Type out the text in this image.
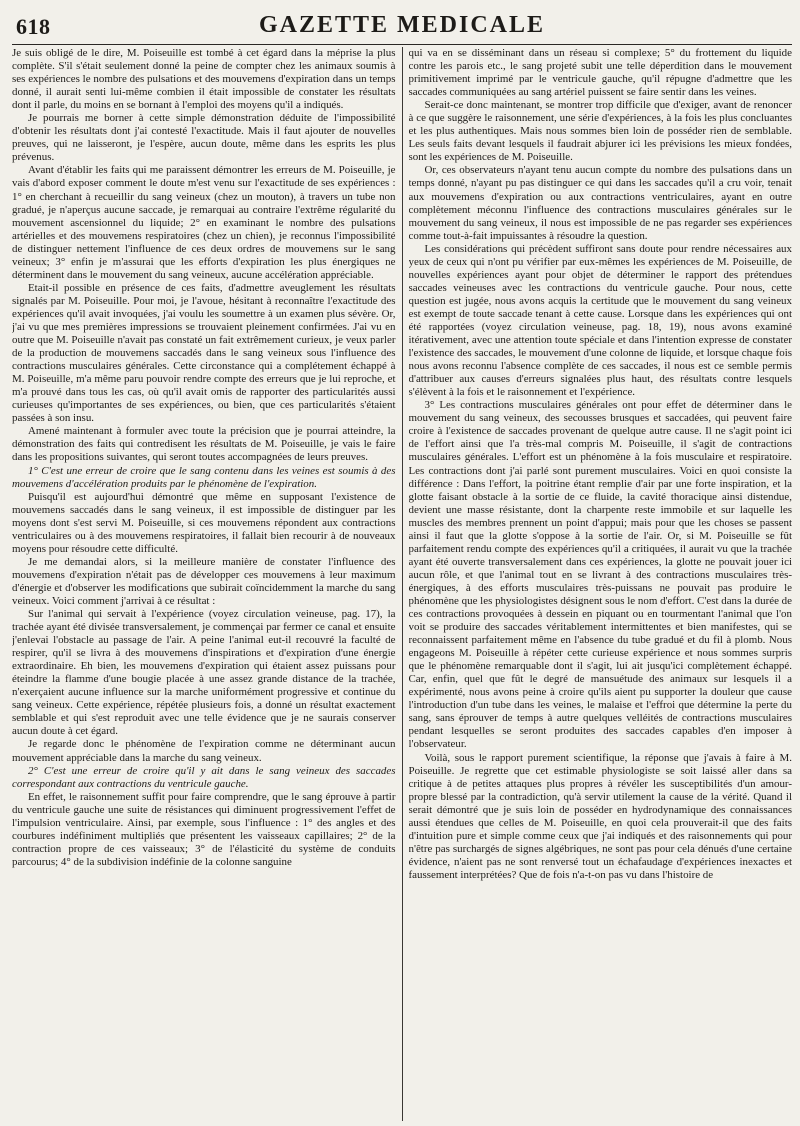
618	GAZETTE MEDICALE

Je suis obligé de le dire, M. Poiseuille est tombé à cet égard dans la méprise la plus complète. S'il s'était seulement donné la peine de compter chez les animaux soumis à ses expériences le nombre des pulsations et des mouvemens d'expiration dans un temps donné, il aurait senti lui-même combien il était impossible de constater les résultats dont il parle, du moins en se bornant à l'emploi des moyens qu'il a indiqués.

Je pourrais me borner à cette simple démonstration déduite de l'impossibilité d'obtenir les résultats dont j'ai contesté l'exactitude. Mais il faut ajouter de nouvelles preuves, qui ne laisseront, je l'espère, aucun doute, même dans les esprits les plus prévenus.

Avant d'établir les faits qui me paraissent démontrer les erreurs de M. Poiseuille, je vais d'abord exposer comment le doute m'est venu sur l'exactitude de ses expériences : 1° en cherchant à recueillir du sang veineux (chez un mouton), à travers un tube non gradué, je n'aperçus aucune saccade, je remarquai au contraire l'extrême régularité du mouvement ascensionnel du liquide; 2° en examinant le nombre des pulsations artérielles et des mouvemens respiratoires (chez un chien), je reconnus l'impossibilité de distinguer nettement l'influence de ces deux ordres de mouvemens sur le sang veineux; 3° enfin je m'assurai que les efforts d'expiration les plus énergiques ne déterminent dans le mouvement du sang veineux, aucune accélération appréciable.

Etait-il possible en présence de ces faits, d'admettre aveuglement les résultats signalés par M. Poiseuille. Pour moi, je l'avoue, hésitant à reconnaître l'exactitude des expériences qu'il avait invoquées, j'ai voulu les soumettre à un examen plus sévère. Or, j'ai vu que mes premières impressions se trouvaient pleinement confirmées. J'ai vu en outre que M. Poiseuille n'avait pas constaté un fait extrêmement curieux, je veux parler de la production de mouvemens saccadés dans le sang veineux sous l'influence des contractions musculaires générales. Cette circonstance qui a complétement échappé à M. Poiseuille, m'a même paru pouvoir rendre compte des erreurs que je lui reproche, et m'a prouvé dans tous les cas, où qu'il avait omis de rapporter des particularités aussi curieuses qu'importantes de ses expériences, ou bien, que ces particularités s'étaient passées à son insu.

Amené maintenant à formuler avec toute la précision que je pourrai atteindre, la démonstration des faits qui contredisent les résultats de M. Poiseuille, je vais le faire dans les propositions suivantes, qui seront toutes accompagnées de leurs preuves.

1° C'est une erreur de croire que le sang contenu dans les veines est soumis à des mouvemens d'accélération produits par le phénomène de l'expiration.

Puisqu'il est aujourd'hui démontré que même en supposant l'existence de mouvemens saccadés dans le sang veineux, il est impossible de distinguer par les moyens dont s'est servi M. Poiseuille, si ces mouvemens répondent aux contractions ventriculaires ou à des mouvemens respiratoires, il fallait bien recourir à de nouveaux moyens pour résoudre cette difficulté.

Je me demandai alors, si la meilleure manière de constater l'influence des mouvemens d'expiration n'était pas de développer ces mouvemens à leur maximum d'énergie et d'observer les modifications que subirait coïncidemment la marche du sang veineux. Voici comment j'arrivai à ce résultat :

Sur l'animal qui servait à l'expérience (voyez circulation veineuse, pag. 17), la trachée ayant été divisée transversalement, je commençai par fermer ce canal et ensuite j'enlevai l'obstacle au passage de l'air. A peine l'animal eut-il recouvré la faculté de respirer, qu'il se livra à des mouvemens d'inspirations et d'expiration d'une énergie extraordinaire. Eh bien, les mouvemens d'expiration qui étaient assez puissans pour éteindre la flamme d'une bougie placée à une assez grande distance de la trachée, n'exerçaient aucune influence sur la marche uniformément progressive et continue du sang veineux. Cette expérience, répétée plusieurs fois, a donné un résultat exactement semblable et qui s'est reproduit avec une telle évidence que je ne saurais conserver aucun doute à cet égard.

Je regarde donc le phénomène de l'expiration comme ne déterminant aucun mouvement appréciable dans la marche du sang veineux.

2° C'est une erreur de croire qu'il y ait dans le sang veineux des saccades correspondant aux contractions du ventricule gauche.

En effet, le raisonnement suffit pour faire comprendre, que le sang éprouve à partir du ventricule gauche une suite de résistances qui diminuent progressivement l'effet de l'impulsion ventriculaire. Ainsi, par exemple, sous l'influence : 1° des angles et des courbures indéfiniment multipliés que présentent les vaisseaux capillaires; 2° de la contraction propre de ces vaisseaux; 3° de l'élasticité du système de conduits parcourus; 4° de la subdivision indéfinie de la colonne sanguine

qui va en se disséminant dans un réseau si complexe; 5° du frottement du liquide contre les parois etc., le sang projeté subit une telle déperdition dans le mouvement primitivement imprimé par le ventricule gauche, qu'il répugne d'admettre que les saccades communiquées au sang artériel puissent se faire sentir dans les veines.

Serait-ce donc maintenant, se montrer trop difficile que d'exiger, avant de renoncer à ce que suggère le raisonnement, une série d'expériences, à la fois les plus concluantes et les plus authentiques. Mais nous sommes bien loin de posséder rien de semblable. Les seuls faits devant lesquels il faudrait abjurer ici les prévisions les mieux fondées, sont les expériences de M. Poiseuille.

Or, ces observateurs n'ayant tenu aucun compte du nombre des pulsations dans un temps donné, n'ayant pu pas distinguer ce qui dans les saccades qu'il a cru voir, tenait aux mouvemens d'expiration ou aux contractions ventriculaires, ayant en outre complètement méconnu l'influence des contractions musculaires générales sur le mouvement du sang veineux, il nous est impossible de ne pas regarder ses expériences comme tout-à-fait impuissantes à résoudre la question.

Les considérations qui précèdent suffiront sans doute pour rendre nécessaires aux yeux de ceux qui n'ont pu vérifier par eux-mêmes les expériences de M. Poiseuille, de nouvelles expériences ayant pour objet de déterminer le rapport des prétendues saccades veineuses avec les contractions du ventricule gauche. Pour nous, cette question est jugée, nous avons acquis la certitude que le mouvement du sang veineux est exempt de toute saccade tenant à cette cause. Lorsque dans les expériences qui ont été rapportées (voyez circulation veineuse, pag. 18, 19), nous avons examiné itérativement, avec une attention toute spéciale et dans l'intention expresse de constater l'existence des saccades, le mouvement d'une colonne de liquide, et lorsque chaque fois nous avons reconnu l'absence complète de ces saccades, il nous est ce semble permis d'attribuer aux causes d'erreurs signalées plus haut, des résultats contre lesquels s'élèvent à la fois et le raisonnement et l'expérience.

3° Les contractions musculaires générales ont pour effet de déterminer dans le mouvement du sang veineux, des secousses brusques et saccadées, qui peuvent faire croire à l'existence de saccades provenant de quelque autre cause. Il ne s'agit point ici de l'effort ainsi que l'a très-mal compris M. Poiseuille, il s'agit de contractions musculaires générales. L'effort est un phénomène à la fois musculaire et respiratoire. Les contractions dont j'ai parlé sont purement musculaires. Voici en quoi consiste la différence : Dans l'effort, la poitrine étant remplie d'air par une forte inspiration, et la glotte faisant obstacle à la sortie de ce fluide, la cavité thoracique ainsi distendue, devient une masse résistante, dont la charpente reste immobile et sur laquelle les muscles des membres prennent un point d'appui; mais pour que les choses se passent ainsi il faut que la glotte s'oppose à la sortie de l'air. Or, si M. Poiseuille se fût parfaitement rendu compte des expériences qu'il a critiquées, il aurait vu que la trachée ayant été ouverte transversalement dans ces expériences, la glotte ne pouvait jouer ici aucun rôle, et que l'animal tout en se livrant à des contractions musculaires très-énergiques, à des efforts musculaires très-puissans ne pouvait pas produire le phénomène que les physiologistes désignent sous le nom d'effort. C'est dans la durée de ces contractions provoquées à dessein en piquant ou en tourmentant l'animal que l'on voit se produire des saccades véritablement intermittentes et bien manifestes, qui se reconnaissent parfaitement même en l'absence du tube gradué et du fil à plomb. Nous engageons M. Poiseuille à répéter cette curieuse expérience et nous sommes surpris que le phénomène remarquable dont il s'agit, lui ait jusqu'ici complètement échappé. Car, enfin, quel que fût le degré de mansuétude des animaux sur lesquels il a expérimenté, nous avons peine à croire qu'ils aient pu supporter la douleur que cause l'introduction d'un tube dans les veines, le malaise et l'effroi que détermine la perte du sang, sans éprouver de temps à autre quelques velléités de contractions musculaires pendant lesquelles se seront produites des saccades capables d'en imposer à l'observateur.

Voilà, sous le rapport purement scientifique, la réponse que j'avais à faire à M. Poiseuille. Je regrette que cet estimable physiologiste se soit laissé aller dans sa critique à de petites attaques plus propres à révéler les susceptibilités d'un amour-propre blessé par la contradiction, qu'à servir utilement la cause de la vérité. Quand il serait démontré que je suis loin de posséder en hydrodynamique des connaissances aussi étendues que celles de M. Poiseuille, en quoi cela prouverait-il que des faits d'intuition pure et simple comme ceux que j'ai indiqués et des raisonnements qui pour n'être pas surchargés de signes algébriques, ne sont pas pour cela dénués d'une certaine évidence, n'aient pas ne sont renversé tout un échafaudage d'expériences inexactes et faussement interprétées? Que de fois n'a-t-on pas vu dans l'histoire de
